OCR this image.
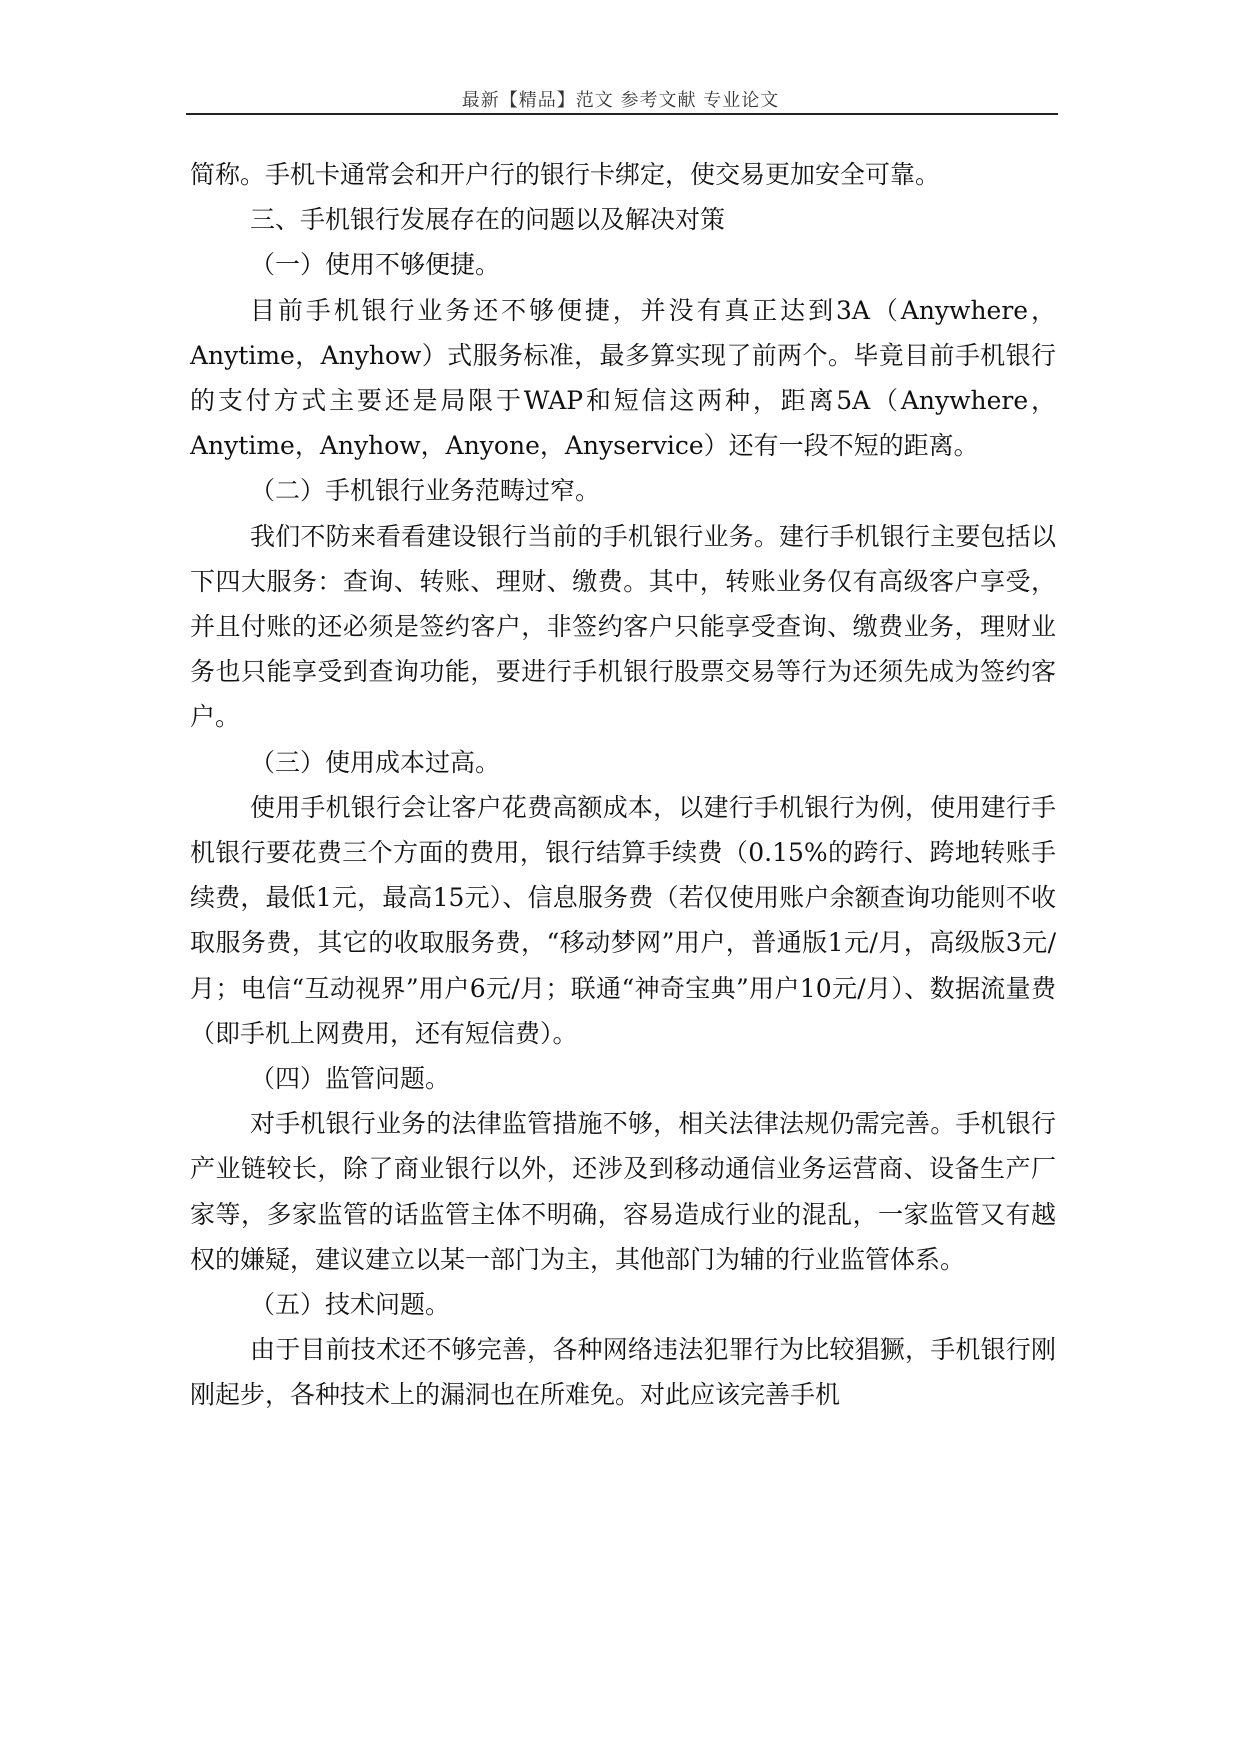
最新【精品】范文 参考文献 专业论文

简称。手机卡通常会和开户行的银行卡绑定，使交易更加安全可靠。

三、手机银行发展存在的问题以及解决对策

（一）使用不够便捷。

目前手机银行业务还不够便捷，并没有真正达到3A（Anywhere，Anytime，Anyhow）式服务标准，最多算实现了前两个。毕竟目前手机银行的支付方式主要还是局限于WAP和短信这两种，距离5A（Anywhere，Anytime，Anyhow，Anyone，Anyservice）还有一段不短的距离。

（二）手机银行业务范畴过窄。

我们不防来看看建设银行当前的手机银行业务。建行手机银行主要包括以下四大服务：查询、转账、理财、缴费。其中，转账业务仅有高级客户享受，并且付账的还必须是签约客户，非签约客户只能享受查询、缴费业务，理财业务也只能享受到查询功能，要进行手机银行股票交易等行为还须先成为签约客户。

（三）使用成本过高。

使用手机银行会让客户花费高额成本，以建行手机银行为例，使用建行手机银行要花费三个方面的费用，银行结算手续费（0.15%的跨行、跨地转账手续费，最低1元，最高15元）、信息服务费（若仅使用账户余额查询功能则不收取服务费，其它的收取服务费，“移动梦网”用户，普通版1元/月，高级版3元/月；电信“互动视界”用户6元/月；联通“神奇宝典”用户10元/月）、数据流量费（即手机上网费用，还有短信费）。

（四）监管问题。

对手机银行业务的法律监管措施不够，相关法律法规仍需完善。手机银行产业链较长，除了商业银行以外，还涉及到移动通信业务运营商、设备生产厂家等，多家监管的话监管主体不明确，容易造成行业的混乱，一家监管又有越权的嫌疑，建议建立以某一部门为主，其他部门为辅的行业监管体系。

（五）技术问题。

由于目前技术还不够完善，各种网络违法犯罪行为比较猖獗，手机银行刚刚起步，各种技术上的漏洞也在所难免。对此应该完善手机
